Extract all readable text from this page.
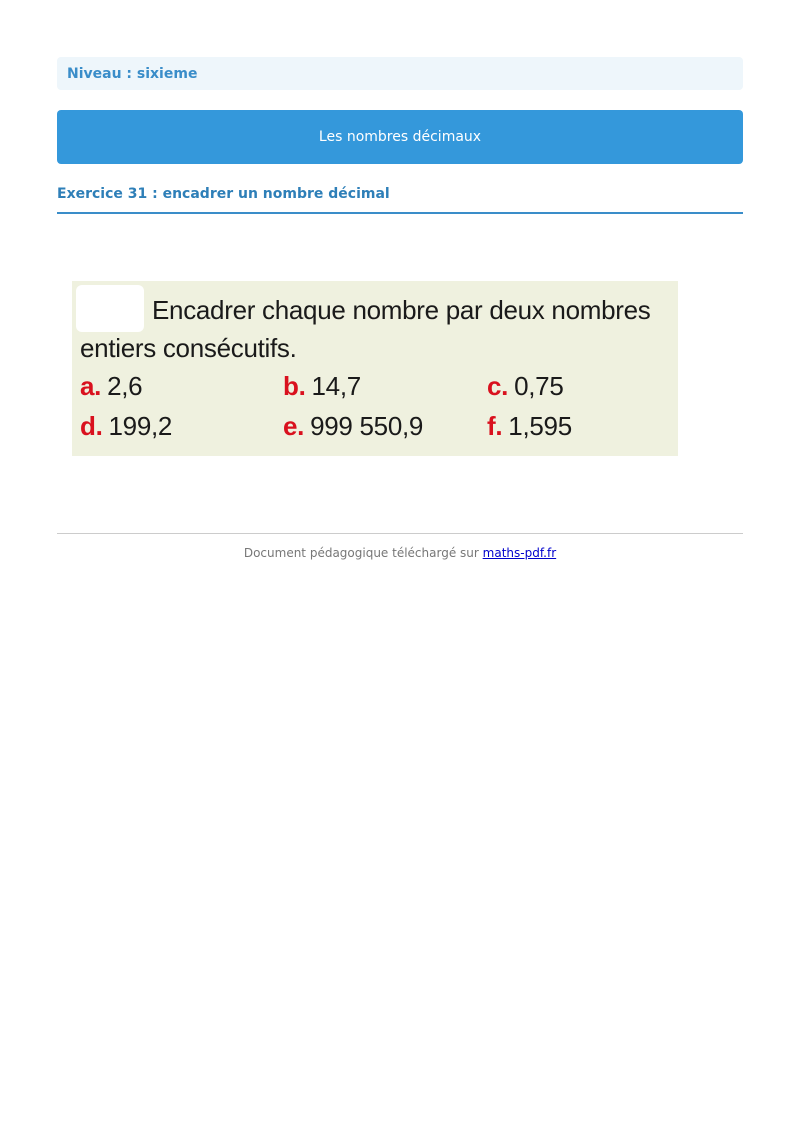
Niveau : sixieme
Les nombres décimaux
Exercice 31 : encadrer un nombre décimal
Encadrer chaque nombre par deux nombres
entiers consécutifs.
a. 2,6	b. 14,7	c. 0,75
d. 199,2	e. 999 550,9 f. 1,595
Document pédagogique téléchargé sur maths-pdf.fr
